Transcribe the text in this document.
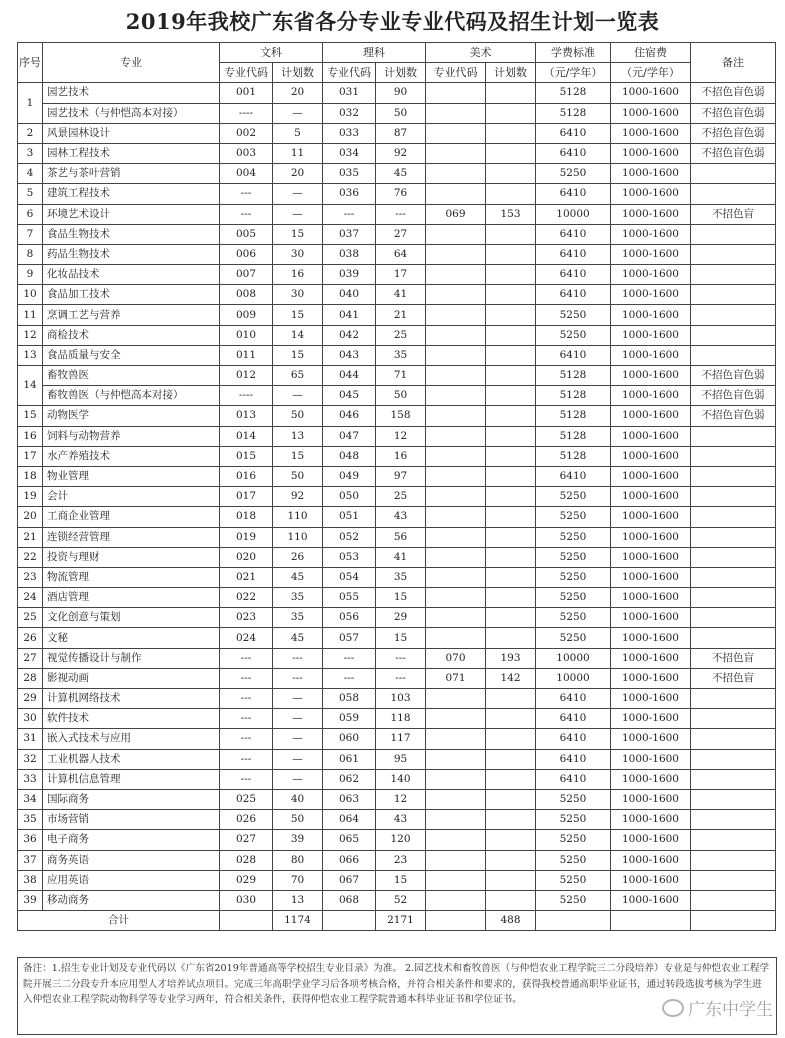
2019年我校广东省各分专业专业代码及招生计划一览表
序号	专业	文科		理科		美术		学费标准	住宿费	备注
		专业代码	计划数	专业代码	计划数	专业代码	计划数	（元/学年）	（元/学年）	
1	园艺技术	001	20	031	90			5128	1000-1600	不招色盲色弱
	园艺技术（与仲恺高本对接）	----	—	032	50			5128	1000-1600	不招色盲色弱
2	风景园林设计	002	5	033	87			6410	1000-1600	不招色盲色弱
3	园林工程技术	003	11	034	92			6410	1000-1600	不招色盲色弱
4	茶艺与茶叶营销	004	20	035	45			5250	1000-1600	
5	建筑工程技术	---	—	036	76			6410	1000-1600	
6	环境艺术设计	---	—	---	---	069	153	10000	1000-1600	不招色盲
7	食品生物技术	005	15	037	27			6410	1000-1600	
8	药品生物技术	006	30	038	64			6410	1000-1600	
9	化妆品技术	007	16	039	17			6410	1000-1600	
10	食品加工技术	008	30	040	41			6410	1000-1600	
11	烹调工艺与营养	009	15	041	21			5250	1000-1600	
12	商检技术	010	14	042	25			5250	1000-1600	
13	食品质量与安全	011	15	043	35			6410	1000-1600	
14	畜牧兽医	012	65	044	71			5128	1000-1600	不招色盲色弱
	畜牧兽医（与仲恺高本对接）	----	—	045	50			5128	1000-1600	不招色盲色弱
15	动物医学	013	50	046	158			5128	1000-1600	不招色盲色弱
16	饲料与动物营养	014	13	047	12			5128	1000-1600	
17	水产养殖技术	015	15	048	16			5128	1000-1600	
18	物业管理	016	50	049	97			6410	1000-1600	
19	会计	017	92	050	25			5250	1000-1600	
20	工商企业管理	018	110	051	43			5250	1000-1600	
21	连锁经营管理	019	110	052	56			5250	1000-1600	
22	投资与理财	020	26	053	41			5250	1000-1600	
23	物流管理	021	45	054	35			5250	1000-1600	
24	酒店管理	022	35	055	15			5250	1000-1600	
25	文化创意与策划	023	35	056	29			5250	1000-1600	
26	文秘	024	45	057	15			5250	1000-1600	
27	视觉传播设计与制作	---	---	---	---	070	193	10000	1000-1600	不招色盲
28	影视动画	---	---	---	---	071	142	10000	1000-1600	不招色盲
29	计算机网络技术	---	—	058	103			6410	1000-1600	
30	软件技术	---	—	059	118			6410	1000-1600	
31	嵌入式技术与应用	---	—	060	117			6410	1000-1600	
32	工业机器人技术	---	—	061	95			6410	1000-1600	
33	计算机信息管理	---	—	062	140			6410	1000-1600	
34	国际商务	025	40	063	12			5250	1000-1600	
35	市场营销	026	50	064	43			5250	1000-1600	
36	电子商务	027	39	065	120			5250	1000-1600	
37	商务英语	028	80	066	23			5250	1000-1600	
38	应用英语	029	70	067	15			5250	1000-1600	
39	移动商务	030	13	068	52			5250	1000-1600	
合计			1174		2171		488			
备注：1.招生专业计划及专业代码以《广东省2019年普通高等学校招生专业目录》为准。 2.园艺技术和畜牧兽医（与仲恺农业工程学院三二分段培养）专业是与仲恺农业工程学院开展三二分段专升本应用型人才培养试点项目。完成三年高职学业学习后各项考核合格，并符合相关条件和要求的，获得我校普通高职毕业证书，通过转段选拔考核为学生进入仲恺农业工程学院动物科学等专业学习两年，符合相关条件，获得仲恺农业工程学院普通本科毕业证书和学位证书。
广东中学生
